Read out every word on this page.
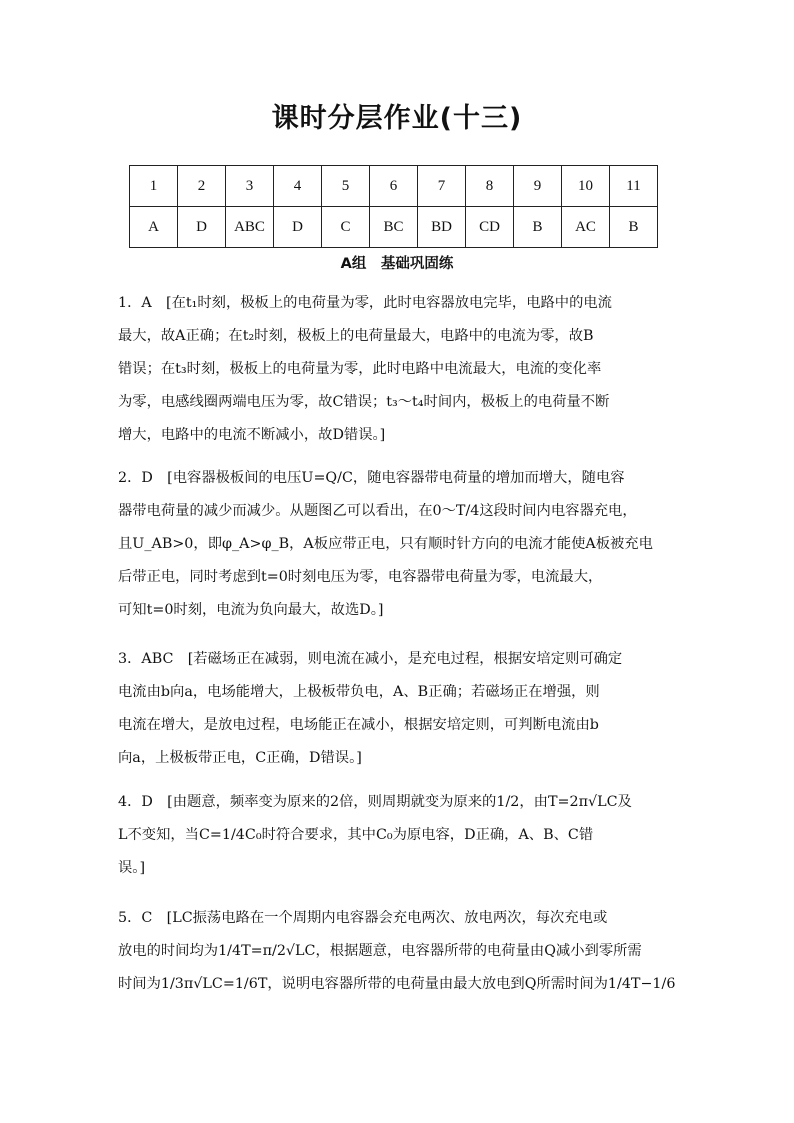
课时分层作业(十三)
1	2	3	4	5	6	7	8	9	10	11
A	D	ABC	D	C	BC	BD	CD	B	AC	B
A组　基础巩固练
1．A　[在t₁时刻，极板上的电荷量为零，此时电容器放电完毕，电路中的电流
最大，故A正确；在t₂时刻，极板上的电荷量最大，电路中的电流为零，故B
错误；在t₃时刻，极板上的电荷量为零，此时电路中电流最大，电流的变化率
为零，电感线圈两端电压为零，故C错误；t₃～t₄时间内，极板上的电荷量不断
增大，电路中的电流不断减小，故D错误。]
2．D　[电容器极板间的电压U=Q/C，随电容器带电荷量的增加而增大，随电容
器带电荷量的减少而减少。从题图乙可以看出，在0～T/4这段时间内电容器充电，
且U_AB>0，即φ_A>φ_B，A板应带正电，只有顺时针方向的电流才能使A板被充电
后带正电，同时考虑到t=0时刻电压为零，电容器带电荷量为零，电流最大，
可知t=0时刻，电流为负向最大，故选D。]
3．ABC　[若磁场正在减弱，则电流在减小，是充电过程，根据安培定则可确定
电流由b向a，电场能增大，上极板带负电，A、B正确；若磁场正在增强，则
电流在增大，是放电过程，电场能正在减小，根据安培定则，可判断电流由b
向a，上极板带正电，C正确，D错误。]
4．D　[由题意，频率变为原来的2倍，则周期就变为原来的1/2，由T=2π√LC及
L不变知，当C=1/4C₀时符合要求，其中C₀为原电容，D正确，A、B、C错
误。]
5．C　[LC振荡电路在一个周期内电容器会充电两次、放电两次，每次充电或
放电的时间均为1/4T=π/2√LC，根据题意，电容器所带的电荷量由Q减小到零所需
时间为1/3π√LC=1/6T，说明电容器所带的电荷量由最大放电到Q所需时间为1/4T−1/6
